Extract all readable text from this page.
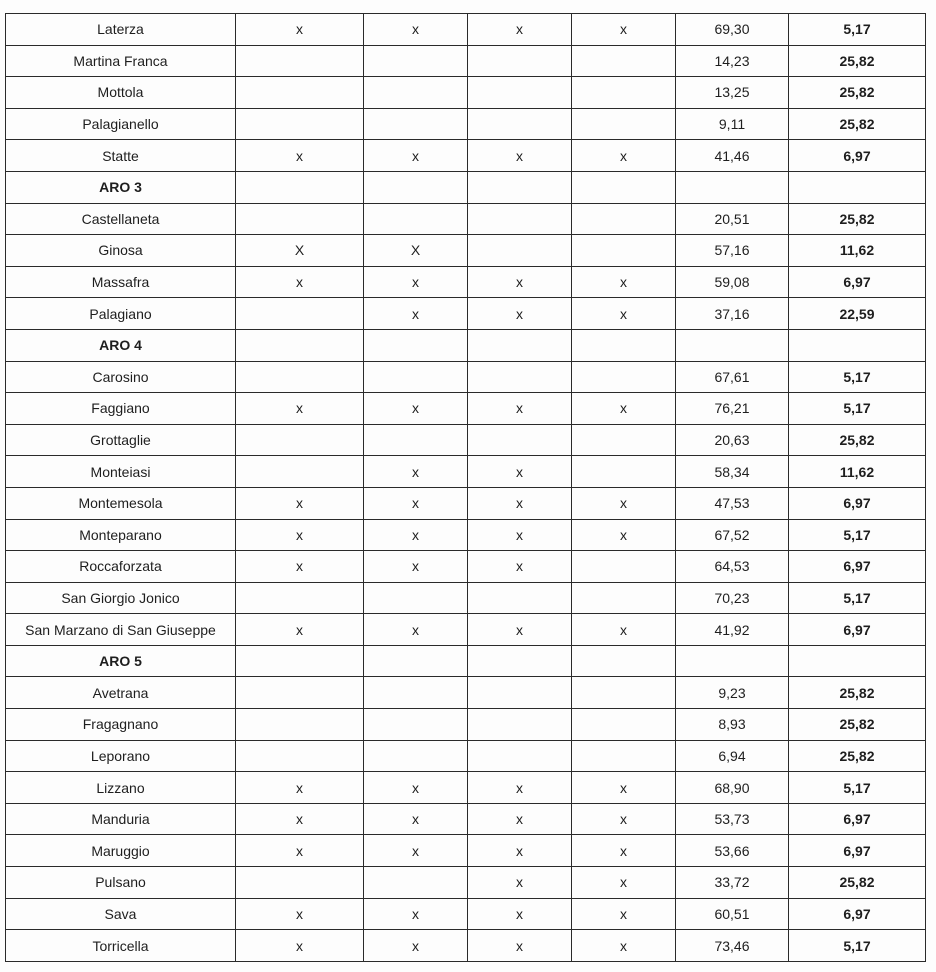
Laterza	x	x	x	x	69,30	5,17
Martina Franca					14,23	25,82
Mottola					13,25	25,82
Palagianello					9,11	25,82
Statte	x	x	x	x	41,46	6,97
ARO 3						
Castellaneta					20,51	25,82
Ginosa	X	X			57,16	11,62
Massafra	x	x	x	x	59,08	6,97
Palagiano		x	x	x	37,16	22,59
ARO 4						
Carosino					67,61	5,17
Faggiano	x	x	x	x	76,21	5,17
Grottaglie					20,63	25,82
Monteiasi		x	x		58,34	11,62
Montemesola	x	x	x	x	47,53	6,97
Monteparano	x	x	x	x	67,52	5,17
Roccaforzata	x	x	x		64,53	6,97
San Giorgio Jonico					70,23	5,17
San Marzano di San Giuseppe	x	x	x	x	41,92	6,97
ARO 5						
Avetrana					9,23	25,82
Fragagnano					8,93	25,82
Leporano					6,94	25,82
Lizzano	x	x	x	x	68,90	5,17
Manduria	x	x	x	x	53,73	6,97
Maruggio	x	x	x	x	53,66	6,97
Pulsano			x	x	33,72	25,82
Sava	x	x	x	x	60,51	6,97
Torricella	x	x	x	x	73,46	5,17
